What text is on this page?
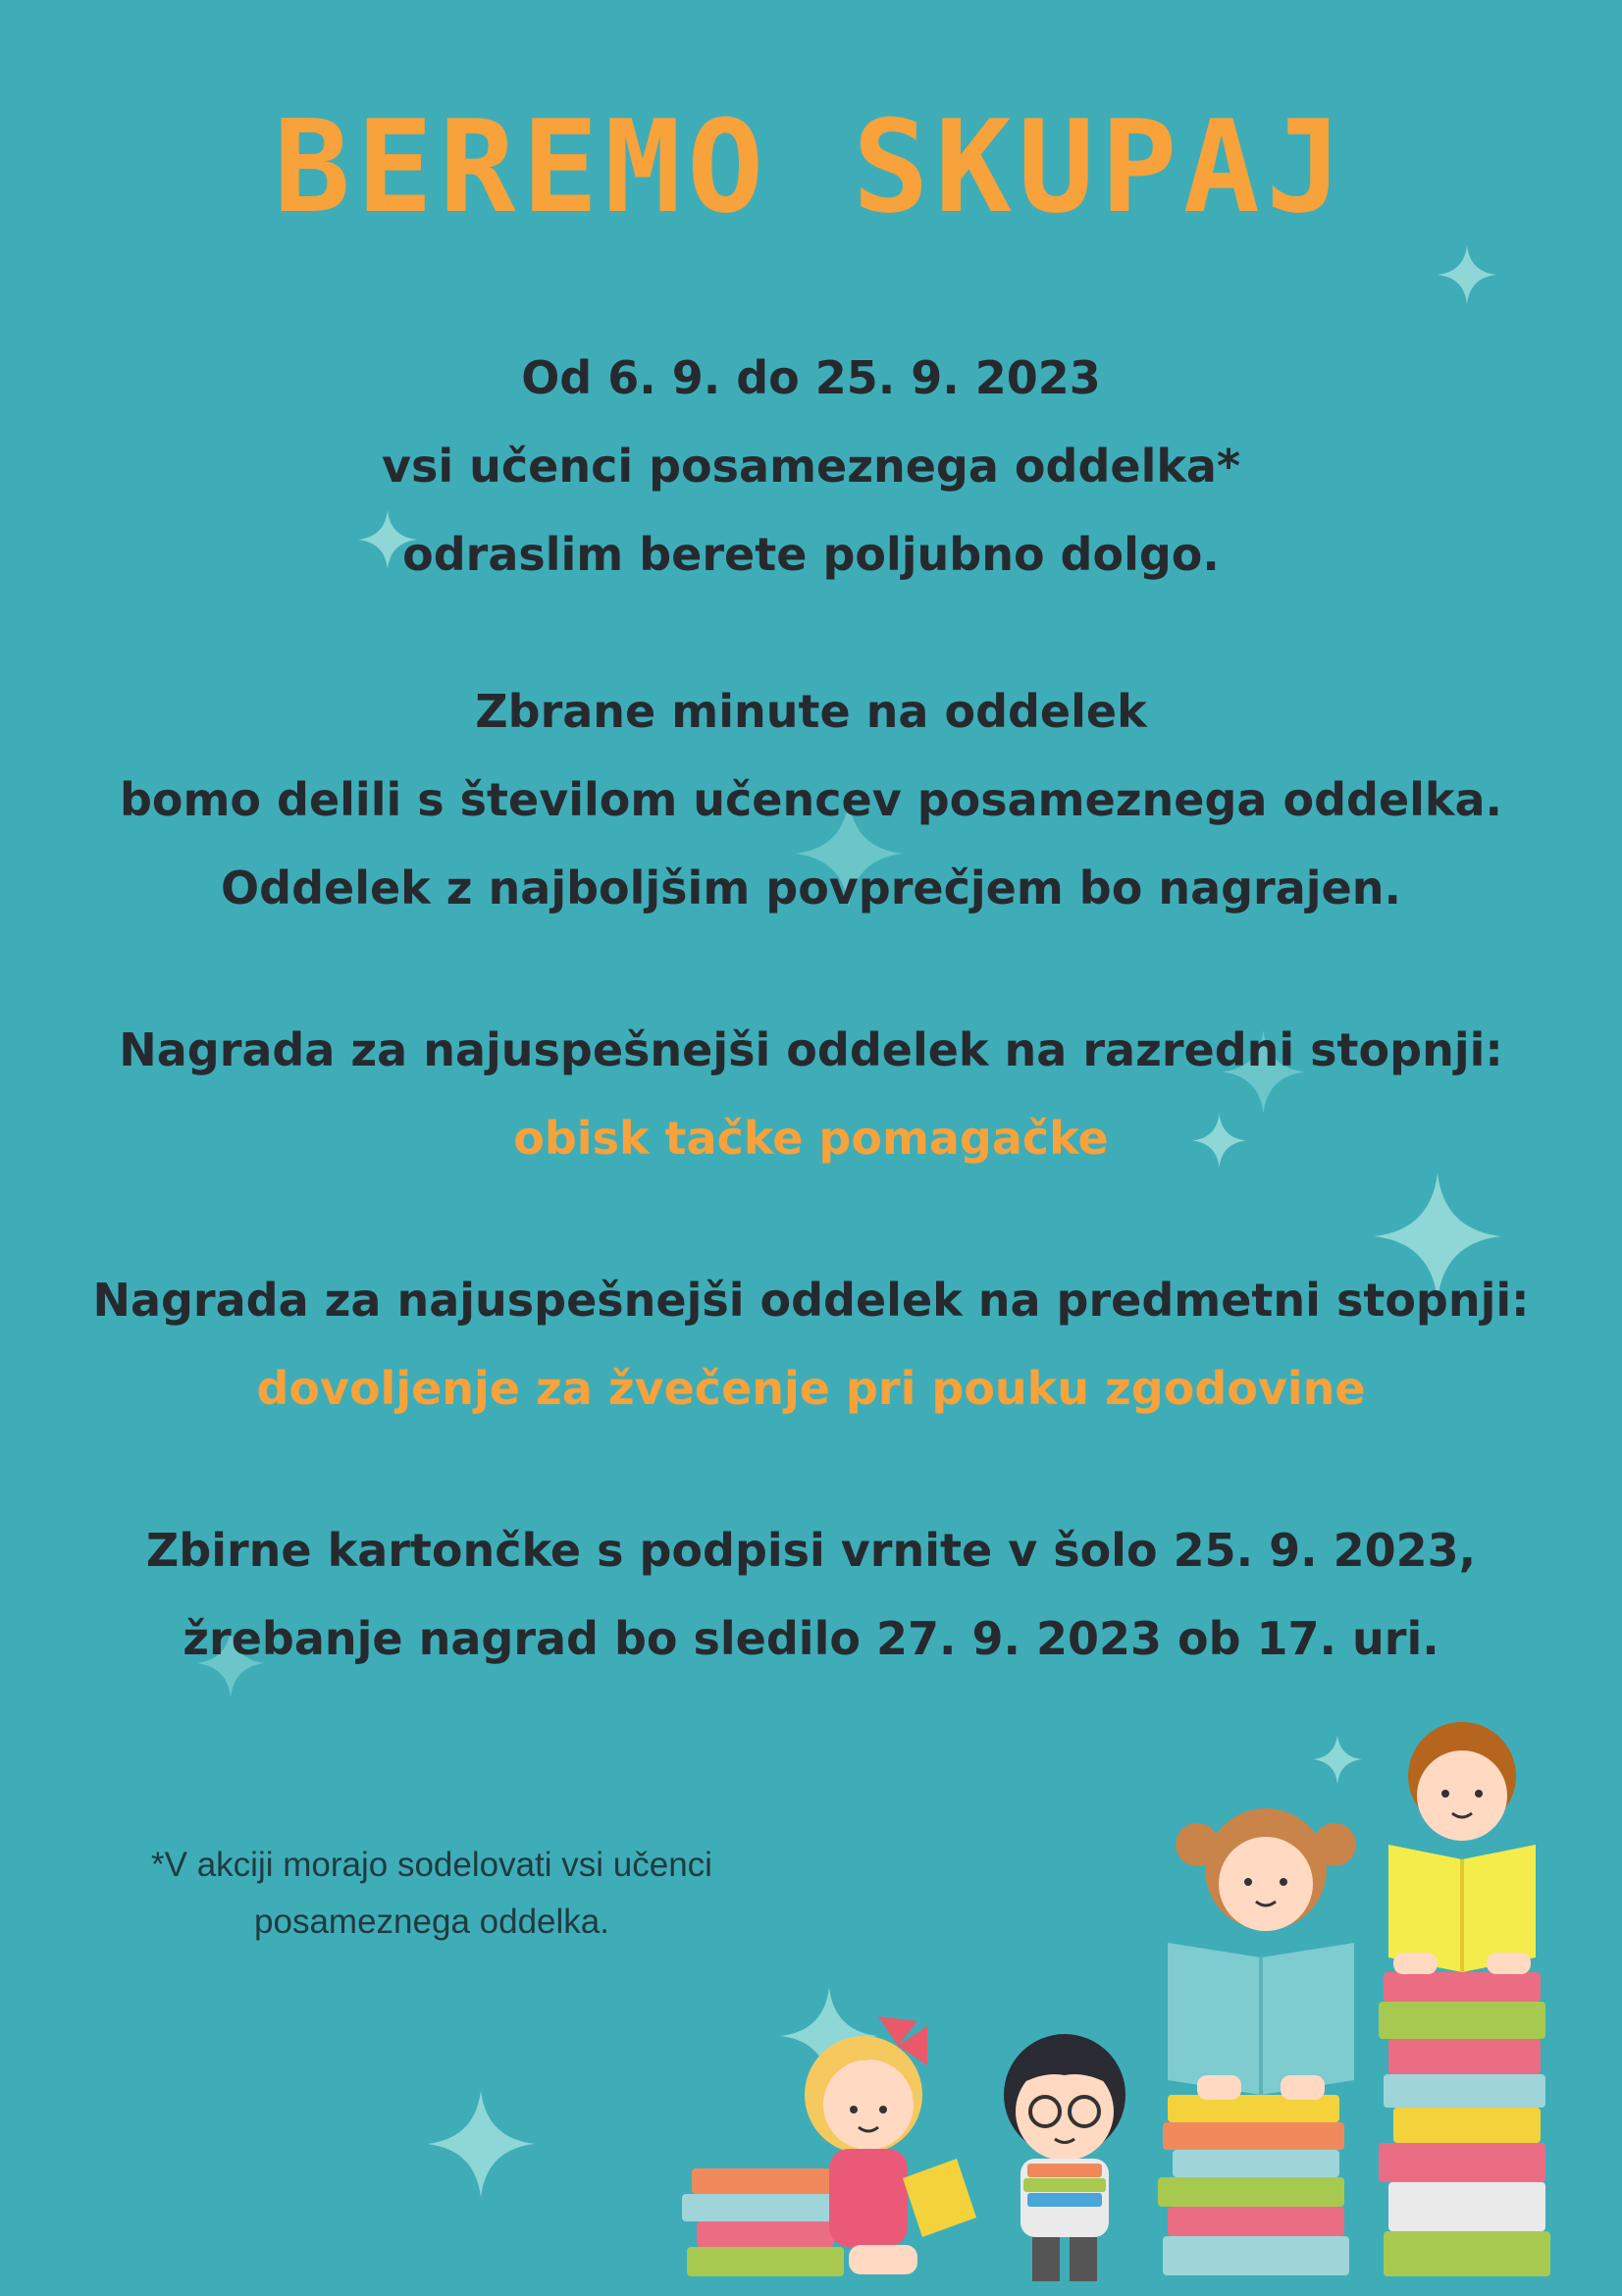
BEREMO SKUPAJ
Od 6. 9. do 25. 9. 2023
vsi učenci posameznega oddelka*
odraslim berete poljubno dolgo.
Zbrane minute na oddelek
bomo delili s številom učencev posameznega oddelka.
Oddelek z najboljšim povprečjem bo nagrajen.
Nagrada za najuspešnejši oddelek na razredni stopnji:
obisk tačke pomagačke
Nagrada za najuspešnejši oddelek na predmetni stopnji:
dovoljenje za žvečenje pri pouku zgodovine
Zbirne kartončke s podpisi vrnite v šolo 25. 9. 2023,
žrebanje nagrad bo sledilo 27. 9. 2023 ob 17. uri.
*V akciji morajo sodelovati vsi učenci
posameznega oddelka.
